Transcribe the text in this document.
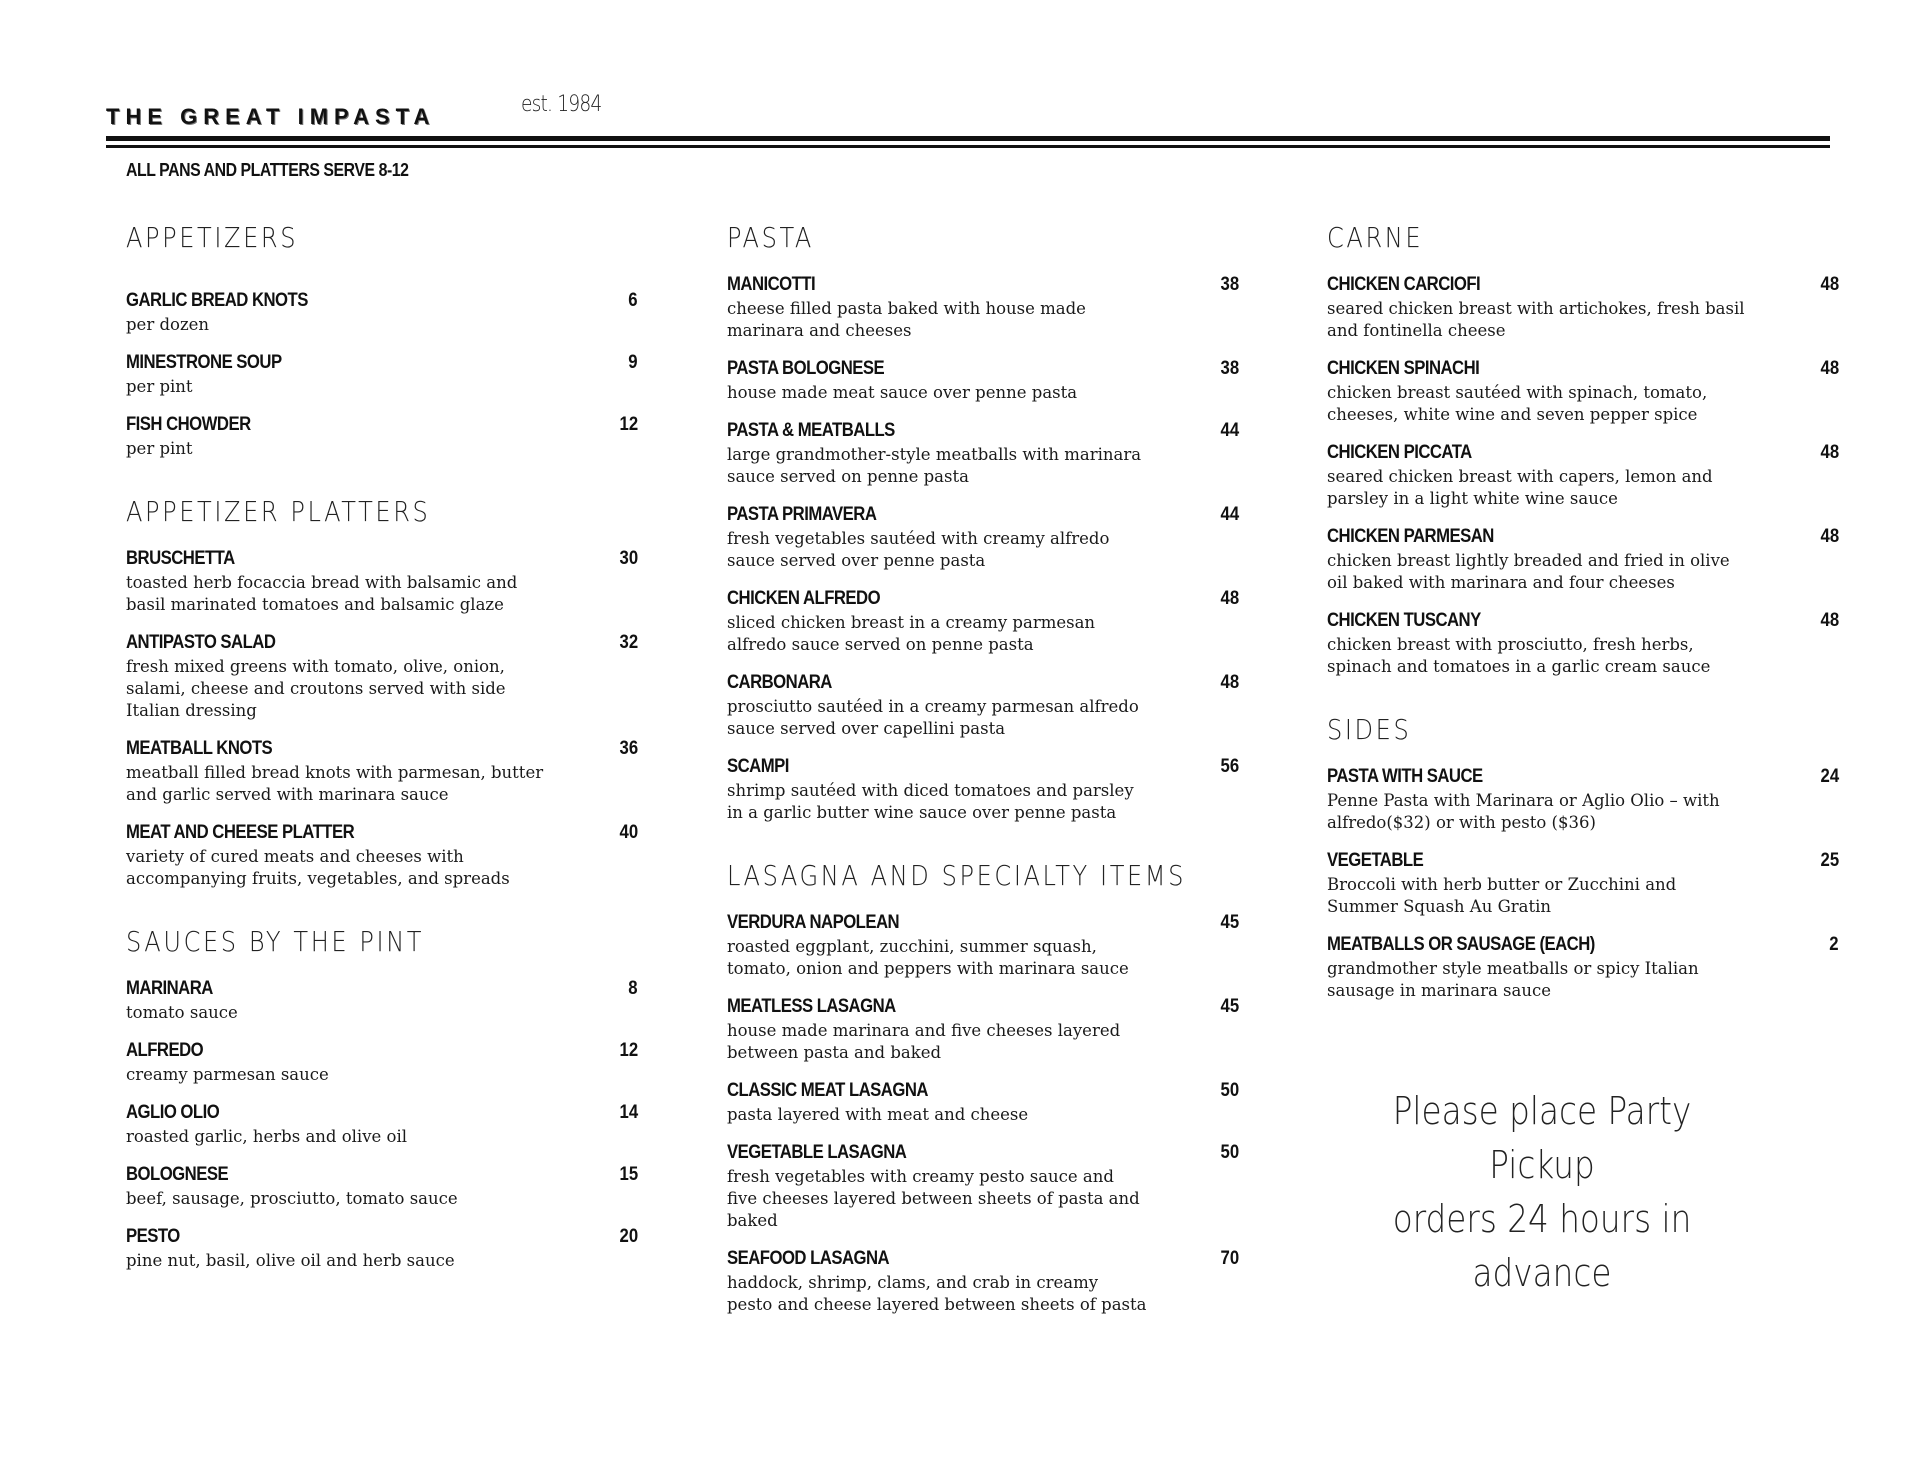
THE GREAT IMPASTA	est. 1984
ALL PANS AND PLATTERS SERVE 8-12
APPETIZERS
GARLIC BREAD KNOTS	6
per dozen
MINESTRONE SOUP	9
per pint
FISH CHOWDER	12
per pint
APPETIZER PLATTERS
BRUSCHETTA	30
toasted herb focaccia bread with balsamic and basil marinated tomatoes and balsamic glaze
ANTIPASTO SALAD	32
fresh mixed greens with tomato, olive, onion, salami, cheese and croutons served with side Italian dressing
MEATBALL KNOTS	36
meatball filled bread knots with parmesan, butter and garlic served with marinara sauce
MEAT AND CHEESE PLATTER	40
variety of cured meats and cheeses with accompanying fruits, vegetables, and spreads
SAUCES BY THE PINT
MARINARA	8
tomato sauce
ALFREDO	12
creamy parmesan sauce
AGLIO OLIO	14
roasted garlic, herbs and olive oil
BOLOGNESE	15
beef, sausage, prosciutto, tomato sauce
PESTO	20
pine nut, basil, olive oil and herb sauce
PASTA
MANICOTTI	38
cheese filled pasta baked with house made marinara and cheeses
PASTA BOLOGNESE	38
house made meat sauce over penne pasta
PASTA & MEATBALLS	44
large grandmother-style meatballs with marinara sauce served on penne pasta
PASTA PRIMAVERA	44
fresh vegetables sautéed with creamy alfredo sauce served over penne pasta
CHICKEN ALFREDO	48
sliced chicken breast in a creamy parmesan alfredo sauce served on penne pasta
CARBONARA	48
prosciutto sautéed in a creamy parmesan alfredo sauce served over capellini pasta
SCAMPI	56
shrimp sautéed with diced tomatoes and parsley in a garlic butter wine sauce over penne pasta
LASAGNA AND SPECIALTY ITEMS
VERDURA NAPOLEAN	45
roasted eggplant, zucchini, summer squash, tomato, onion and peppers with marinara sauce
MEATLESS LASAGNA	45
house made marinara and five cheeses layered between pasta and baked
CLASSIC MEAT LASAGNA	50
pasta layered with meat and cheese
VEGETABLE LASAGNA	50
fresh vegetables with creamy pesto sauce and five cheeses layered between sheets of pasta and baked
SEAFOOD LASAGNA	70
haddock, shrimp, clams, and crab in creamy pesto and cheese layered between sheets of pasta
CARNE
CHICKEN CARCIOFI	48
seared chicken breast with artichokes, fresh basil and fontinella cheese
CHICKEN SPINACHI	48
chicken breast sautéed with spinach, tomato, cheeses, white wine and seven pepper spice
CHICKEN PICCATA	48
seared chicken breast with capers, lemon and parsley in a light white wine sauce
CHICKEN PARMESAN	48
chicken breast lightly breaded and fried in olive oil baked with marinara and four cheeses
CHICKEN TUSCANY	48
chicken breast with prosciutto, fresh herbs, spinach and tomatoes in a garlic cream sauce
SIDES
PASTA WITH SAUCE	24
Penne Pasta with Marinara or Aglio Olio – with alfredo($32) or with pesto ($36)
VEGETABLE	25
Broccoli with herb butter or Zucchini and Summer Squash Au Gratin
MEATBALLS OR SAUSAGE (EACH)	2
grandmother style meatballs or spicy Italian sausage in marinara sauce
Please place Party Pickup
orders 24 hours in advance
